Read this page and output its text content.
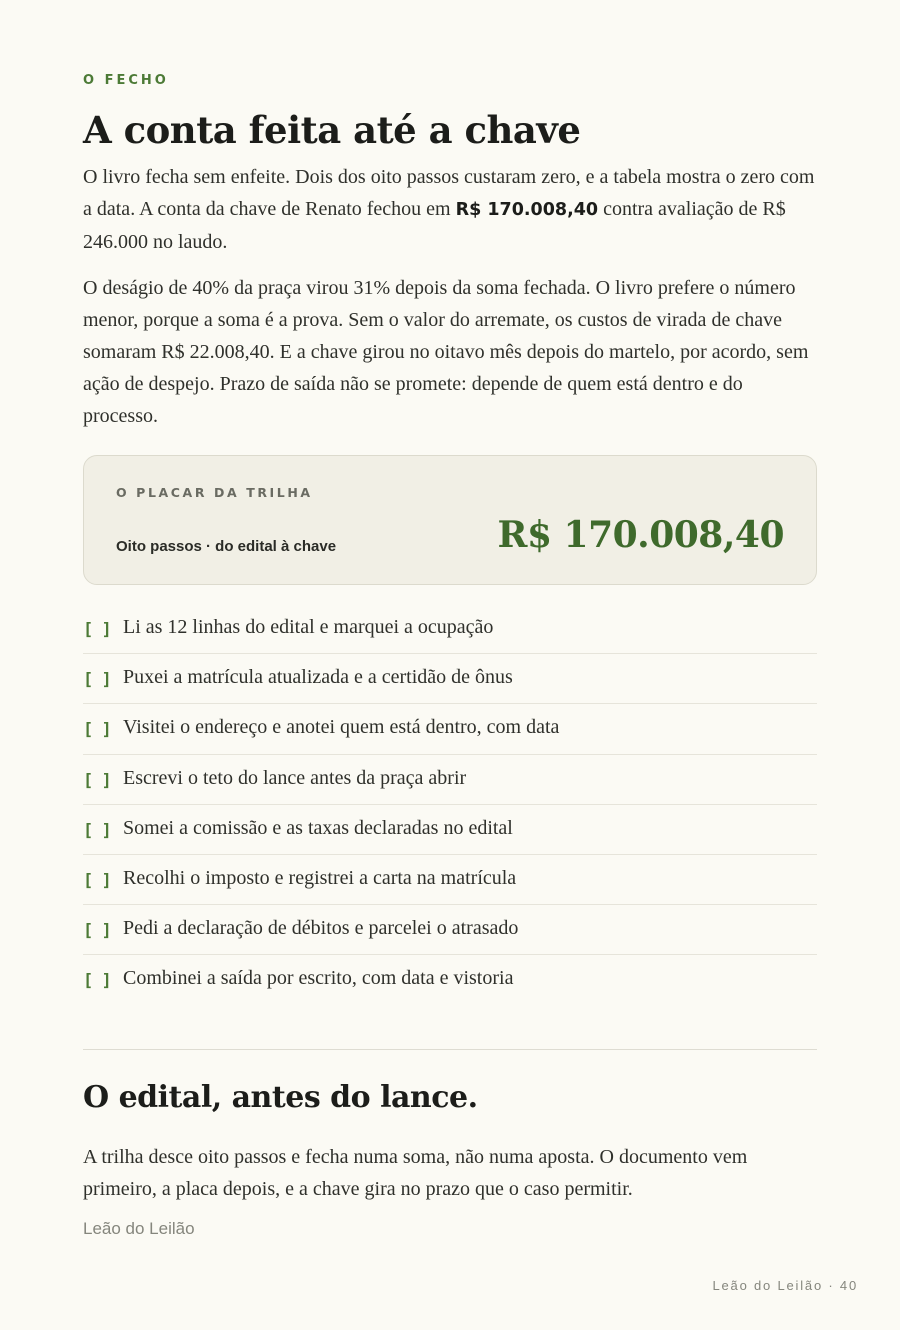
O FECHO
A conta feita até a chave

O livro fecha sem enfeite. Dois dos oito passos custaram zero, e a tabela mostra o zero com a data. A conta da chave de Renato fechou em R$ 170.008,40 contra avaliação de R$ 246.000 no laudo.

O deságio de 40% da praça virou 31% depois da soma fechada. O livro prefere o número menor, porque a soma é a prova. Sem o valor do arremate, os custos de virada de chave somaram R$ 22.008,40. E a chave girou no oitavo mês depois do martelo, por acordo, sem ação de despejo. Prazo de saída não se promete: depende de quem está dentro e do processo.

O PLACAR DA TRILHA
Oito passos · do edital à chave	R$ 170.008,40
[ ] Li as 12 linhas do edital e marquei a ocupação
[ ] Puxei a matrícula atualizada e a certidão de ônus
[ ] Visitei o endereço e anotei quem está dentro, com data
[ ] Escrevi o teto do lance antes da praça abrir
[ ] Somei a comissão e as taxas declaradas no edital
[ ] Recolhi o imposto e registrei a carta na matrícula
[ ] Pedi a declaração de débitos e parcelei o atrasado
[ ] Combinei a saída por escrito, com data e vistoria
O edital, antes do lance.

A trilha desce oito passos e fecha numa soma, não numa aposta. O documento vem primeiro, a placa depois, e a chave gira no prazo que o caso permitir.

Leão do Leilão
Leão do Leilão · 40
